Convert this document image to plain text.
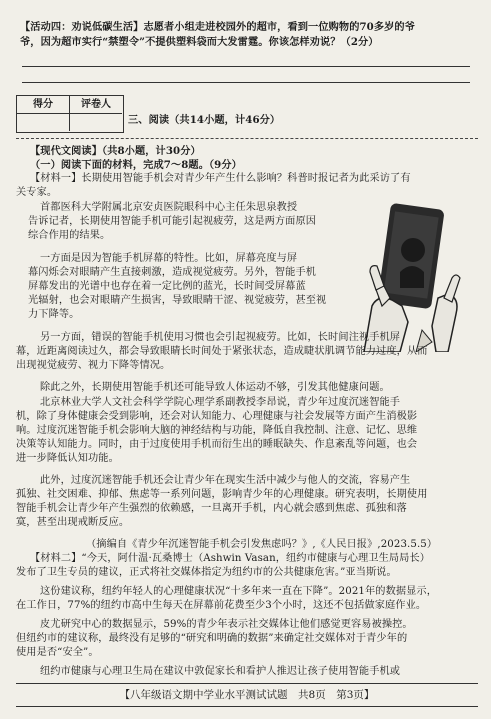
【活动四：劝说低碳生活】志愿者小组走进校园外的超市，看到一位购物的70多岁的爷
爷，因为超市实行“禁塑令”不提供塑料袋而大发雷霆。你该怎样劝说？（2分）
得分	评卷人
三、阅读（共14小题，计46分）
【现代文阅读】（共8小题，计30分）
（一）阅读下面的材料，完成7～8题。（9分）
【材料一】长期使用智能手机会对青少年产生什么影响？科普时报记者为此采访了有
关专家。
首都医科大学附属北京安贞医院眼科中心主任朱思泉教授
告诉记者，长期使用智能手机可能引起视疲劳，这是两方面原因
综合作用的结果。
一方面是因为智能手机屏幕的特性。比如，屏幕亮度与屏
幕闪烁会对眼睛产生直接刺激，造成视觉疲劳。另外，智能手机
屏幕发出的光谱中也存在着一定比例的蓝光，长时间受屏幕蓝
光辐射，也会对眼睛产生损害，导致眼睛干涩、视觉疲劳，甚至视
力下降等。
另一方面，错误的智能手机使用习惯也会引起视疲劳。比如，长时间注视手机屏
幕，近距离阅读过久，都会导致眼睛长时间处于紧张状态，造成睫状肌调节能力过度，从而
出现视觉疲劳、视力下降等情况。
除此之外，长期使用智能手机还可能导致人体运动不够，引发其他健康问题。
北京林业大学人文社会科学学院心理学系副教授李昂说，青少年过度沉迷智能手
机，除了身体健康会受到影响，还会对认知能力、心理健康与社会发展等方面产生消极影
响。过度沉迷智能手机会影响大脑的神经结构与功能，降低自我控制、注意、记忆、思维
决策等认知能力。同时，由于过度使用手机而衍生出的睡眠缺失、作息紊乱等问题，也会
进一步降低认知功能。
此外，过度沉迷智能手机还会让青少年在现实生活中减少与他人的交流，容易产生
孤独、社交困难、抑郁、焦虑等一系列问题，影响青少年的心理健康。研究表明，长期使用
智能手机会让青少年产生强烈的依赖感，一旦离开手机，内心就会感到焦虑、孤独和落
寞，甚至出现戒断反应。
（摘编自《青少年沉迷智能手机会引发焦虑吗？》,《人民日报》,2023.5.5）
【材料二】“今天，阿什温·瓦桑博士（Ashwin Vasan，纽约市健康与心理卫生局局长）
发布了卫生专员的建议，正式将社交媒体指定为纽约市的公共健康危害。”亚当斯说。
这份建议称，纽约年轻人的心理健康状况“十多年来一直在下降”。2021年的数据显示，
在工作日，77%的纽约市高中生每天在屏幕前花费至少3个小时，这还不包括做家庭作业。
皮尤研究中心的数据显示，59%的青少年表示社交媒体让他们感觉更容易被操控。
但纽约市的建议称，最终没有足够的“研究和明确的数据”来确定社交媒体对于青少年的
使用是否“安全”。
纽约市健康与心理卫生局在建议中敦促家长和看护人推迟让孩子使用智能手机或
【八年级语文期中学业水平测试试题　共8页　第3页】
